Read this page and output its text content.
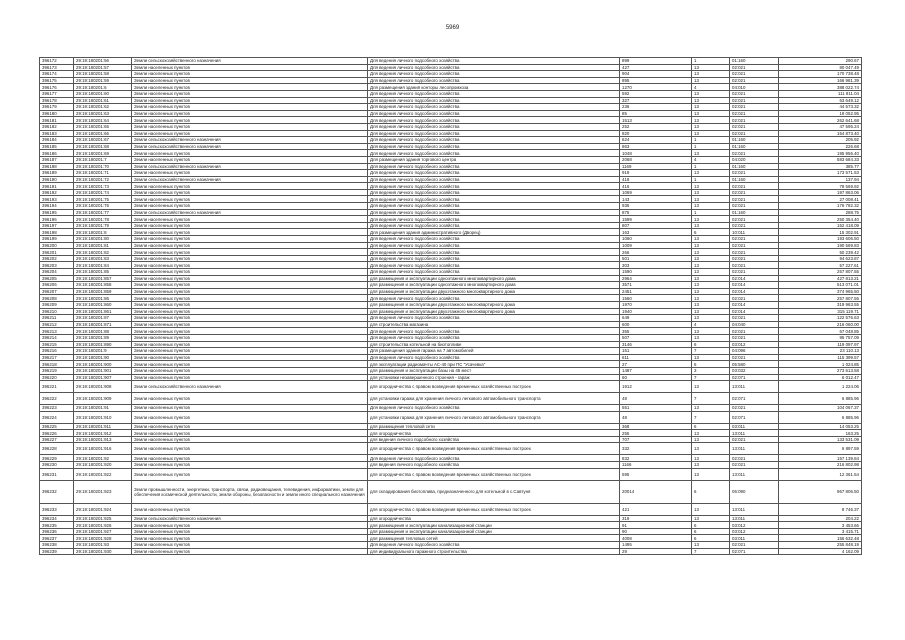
5969
396172	29:19:180201:56	Земли сельскохозяйственного назначения	Для ведения личного подсобного хозяйства	899	1	01:160	290.67
396173	29:19:180201:57	Земли населенных пунктов	Для ведения личного подсобного хозяйства	427	13	02:021	80 047.49
396174	29:19:180201:58	Земли населенных пунктов	Для ведения личного подсобного хозяйства	904	13	02:021	170 738.48
396175	29:19:180201:59	Земли населенных пунктов	Для ведения личного подсобного хозяйства	895	13	02:021	166 981.39
396176	29:19:180201:6	Земли населенных пунктов	Для размещения здания конторы лесопромхоза	1270	4	04:010	388 022.74
396177	29:19:180201:60	Земли населенных пунктов	Для ведения личного подсобного хозяйства	592	13	02:021	111 811.04
396178	29:19:180201:61	Земли населенных пунктов	Для ведения личного подсобного хозяйства	327	13	02:021	63 649.12
396179	29:19:180201:62	Земли населенных пунктов	Для ведения личного подсобного хозяйства	236	13	02:021	44 573.32
396180	29:19:180201:63	Земли населенных пунктов	Для ведения личного подсобного хозяйства	85	13	02:021	18 052.95
396181	29:19:180201:64	Земли населенных пунктов	Для ведения личного подсобного хозяйства	1513	13	02:021	262 641.68
396182	29:19:180201:65	Земли населенных пунктов	Для ведения личного подсобного хозяйства	252	13	02:021	47 595.24
396183	29:19:180201:66	Земли населенных пунктов	Для ведения личного подсобного хозяйства	820	13	02:021	154 873.40
396184	29:19:180201:67	Земли сельскохозяйственного назначения	Для ведения личного подсобного хозяйства	624	1	01:160	205.92
396185	29:19:180201:68	Земли сельскохозяйственного назначения	Для ведения личного подсобного хозяйства	863	1	01:160	226.68
396186	29:19:180201:69	Земли населенных пунктов	Для ведения личного подсобного хозяйства	1048	13	02:021	195 956.40
396187	29:19:180201:7	Земли населенных пунктов	Для размещения здания торгового центра	2068	4	04:020	583 684.33
396188	29:19:180201:70	Земли сельскохозяйственного назначения	Для ведения личного подсобного хозяйства	1169	1	01:160	385.77
396189	29:19:180201:71	Земли населенных пунктов	Для ведения личного подсобного хозяйства	919	13	02:021	173 571.53
396190	29:19:180201:72	Земли сельскохозяйственного назначения	Для ведения личного подсобного хозяйства	418	1	01:160	137.94
396191	29:19:180201:73	Земли населенных пунктов	Для ведения личного подсобного хозяйства	416	13	02:021	78 569.92
396192	29:19:180201:74	Земли населенных пунктов	Для ведения личного подсобного хозяйства	1069	13	02:021	197 863.06
396193	29:19:180201:75	Земли населенных пунктов	Для ведения личного подсобного хозяйства	143	13	02:021	27 008.41
396194	29:19:180201:76	Земли населенных пунктов	Для ведения личного подсобного хозяйства	936	13	02:021	176 782.32
396195	29:19:180201:77	Земли сельскохозяйственного назначения	Для ведения личного подсобного хозяйства	875	1	01:160	288.75
396196	29:19:180201:78	Земли населенных пунктов	Для ведения личного подсобного хозяйства	1599	13	02:021	250 354.40
396197	29:19:180201:79	Земли населенных пунктов	Для ведения личного подсобного хозяйства	807	13	02:021	152 418.09
396198	29:19:180201:8	Земли населенных пунктов	Для размещения здания административного (Дворец)	163	6	10:011	15 302.91
396199	29:19:180201:80	Земли населенных пунктов	Для ведения личного подсобного хозяйства	1060	13	02:021	193 606.50
396200	29:19:180201:81	Земли населенных пунктов	Для ведения личного подсобного хозяйства	1009	13	02:021	190 569.83
396201	29:19:180201:82	Земли населенных пунктов	Для ведения личного подсобного хозяйства	266	13	02:021	50 239.42
396202	29:19:180201:83	Земли населенных пунктов	Для ведения личного подсобного хозяйства	501	13	02:021	94 623.87
396203	29:19:180201:84	Земли населенных пунктов	Для ведения личного подсобного хозяйства	303	13	02:021	57 227.61
396204	29:19:180201:85	Земли населенных пунктов	Для ведения личного подсобного хозяйства	1590	13	02:021	257 807.55
396205	29:19:180201:857	Земли населенных пунктов	для размещения и эксплуатации одноэтажного многоквартирного дома	2964	13	02:014	427 813.21
396206	29:19:180201:858	Земли населенных пунктов	для размещения и эксплуатации одноэтажного многоквартирного дома	3571	13	02:014	513 071.01
396207	29:19:180201:859	Земли населенных пунктов	для размещения и эксплуатации двухэтажного многоквартирного дома	2451	13	02:014	374 965.50
396208	29:19:180201:86	Земли населенных пунктов	Для ведения личного подсобного хозяйства	1560	13	02:021	257 807.55
396209	29:19:180201:860	Земли населенных пунктов	для размещения и эксплуатации двухэтажного многоквартирного дома	1970	13	02:014	319 963.55
396210	29:19:180201:861	Земли населенных пунктов	для размещения и эксплуатации двухэтажного многоквартирного дома	1940	13	02:014	315 119.71
396211	29:19:180201:87	Земли населенных пунктов	Для ведения личного подсобного хозяйства	649	13	02:021	122 576.63
396212	29:19:180201:871	Земли населенных пунктов	для строительства магазина	600	4	04:040	216 060.00
396213	29:19:180201:88	Земли населенных пунктов	Для ведения личного подсобного хозяйства	355	13	02:021	67 048.85
396214	29:19:180201:89	Земли населенных пунктов	Для ведения личного подсобного хозяйства	507	13	02:021	95 757.09
396215	29:19:180201:890	Земли населенных пунктов	для строительства котельной на биотопливе	3146	6	03:012	119 097.97
396216	29:19:180201:9	Земли населенных пунктов	Для размещения здания гаража на 7 автомобилей	151	7	04:096	23 110.13
396217	29:19:180201:90	Земли населенных пунктов	Для ведения личного подсобного хозяйства	611	13	02:021	115 399.57
396218	29:19:180201:900	Земли населенных пунктов	для эксплуатации радиомачты АС-40 при ПС "Усачевка"	27	6	05:580	1 024.85
396219	29:19:180201:901	Земли населенных пунктов	для размещения и эксплуатации базы на 45 мест	1487	3	03:032	273 613.58
396220	29:19:180201:907	Земли населенных пунктов	для установки незавершенного строения - гараж	60	7	02:071	6 012.47
396221	29:19:180201:908	Земли сельскохозяйственного назначения	для огородничества с правом возведения временных хозяйственных построек	1912	13	13:011	1 224.06
396222	29:19:180201:909	Земли населенных пунктов	для установки гаража для хранения личного легкового автомобильного транспорта	48	7	02:071	6 885.96
396223	29:19:180201:91	Земли населенных пунктов	Для ведения личного подсобного хозяйства	551	13	02:021	104 067.37
396224	29:19:180201:910	Земли населенных пунктов	для установки гаража для хранения личного легкового автомобильного транспорта	48	7	02:071	6 885.96
396225	29:19:180201:911	Земли населенных пунктов	для размещения тепловой сети	368	6	03:011	14 053.25
396226	29:19:180201:912	Земли населенных пунктов	для огородничества	255	13	13:011	163.25
396227	29:19:180201:913	Земли населенных пунктов	для ведения личного подсобного хозяйства	707	13	02:021	133 531.09
396228	29:19:180201:916	Земли населенных пунктов	для огородничества с правом возведения временных хозяйственных построек	332	13	13:011	6 897.59
396229	29:19:180201:92	Земли населенных пунктов	Для ведения личного подсобного хозяйства	832	13	02:021	157 139.84
396230	29:19:180201:920	Земли населенных пунктов	для ведения личного подсобного хозяйства	1166	13	02:021	216 802.98
396231	29:19:180201:922	Земли населенных пунктов	для огородничества с правом возведения временных хозяйственных построек	595	13	13:011	12 361.54
396232	29:19:180201:923	Земли промышленности, энергетики, транспорта, связи, радиовещания, телевидения, информатики, земли для обеспечения космической деятельности, земли обороны, безопасности и земли иного специального назначения	для складирования биотоплива, предназначенного для котельной в с.Савтуня	20014	6	06:090	967 806.50
396233	29:19:180201:924	Земли населенных пунктов	для огородничества с правом возведения временных хозяйственных построек	421	13	13:011	8 746.37
396234	29:19:180201:925	Земли сельскохозяйственного назначения	для огородничества	319	13	13:011	204.22
396235	29:19:180201:926	Земли населенных пунктов	для размещения и эксплуатации канализационной станции	91	6	03:012	3 453.66
396236	29:19:180201:927	Земли населенных пунктов	для размещения и эксплуатации канализационной станции	90	6	03:012	3 415.71
396237	29:19:180201:928	Земли населенных пунктов	для размещения тепловых сетей	4008	6	03:011	156 632.48
396238	29:19:180201:93	Земли населенных пунктов	Для ведения личного подсобного хозяйства	1495	13	02:021	255 848.19
396239	29:19:180201:930	Земли населенных пунктов	для индивидуального гаражного строительства	29	7	02:071	4 162.09
